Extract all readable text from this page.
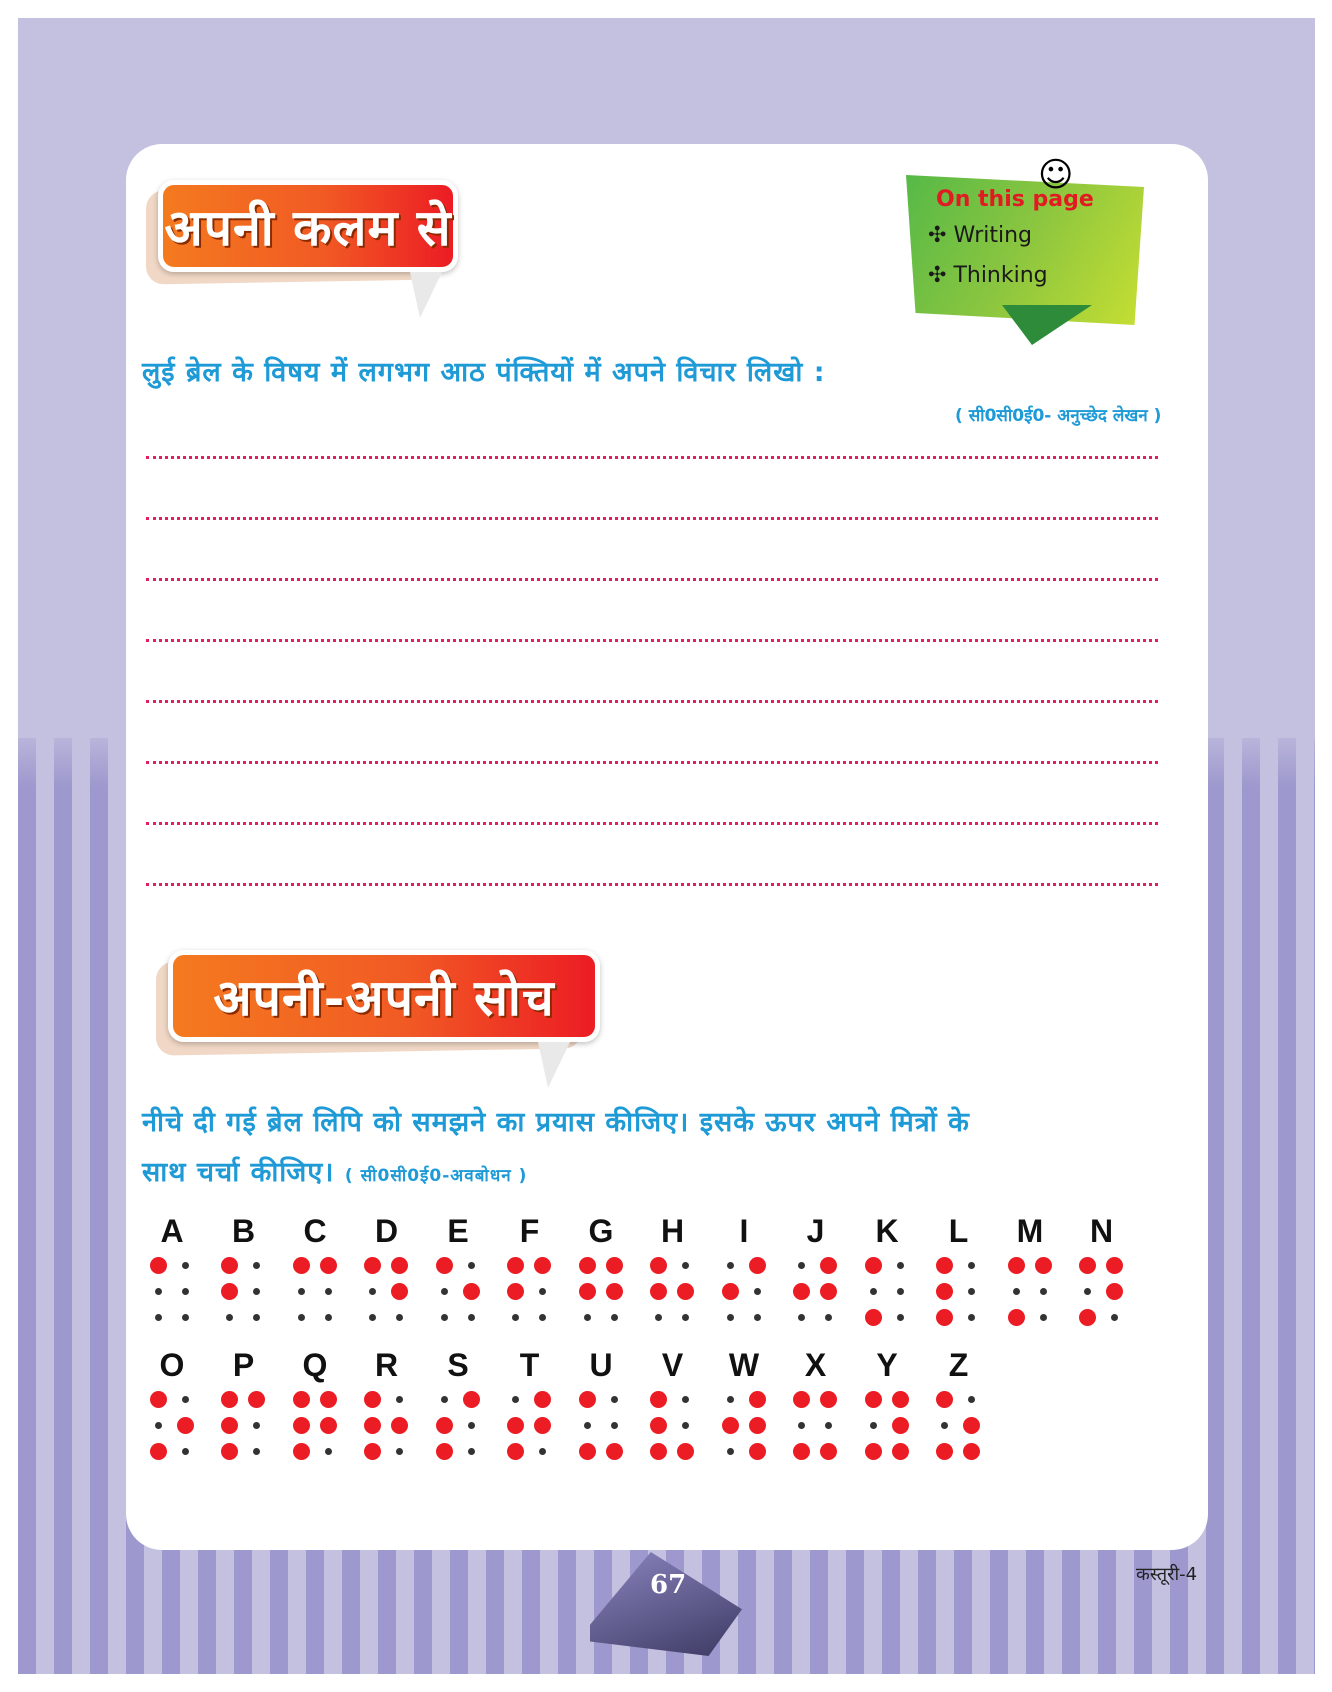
अपनी कलम से
☺
On this page
✣ Writing
✣ Thinking
लुई ब्रेल के विषय में लगभग आठ पंक्तियों में अपने विचार लिखो :
( सी0सी0ई0- अनुच्छेद लेखन )
अपनी-अपनी सोच
नीचे दी गई ब्रेल लिपि को समझने का प्रयास कीजिए। इसके ऊपर अपने मित्रों के
साथ चर्चा कीजिए। ( सी0सी0ई0-अवबोधन )
A	B	C	D	E	F	G	H	I	J	K	L	M	N
O	P	Q	R	S	T	U	V	W	X	Y	Z
67	कस्तूरी-4
